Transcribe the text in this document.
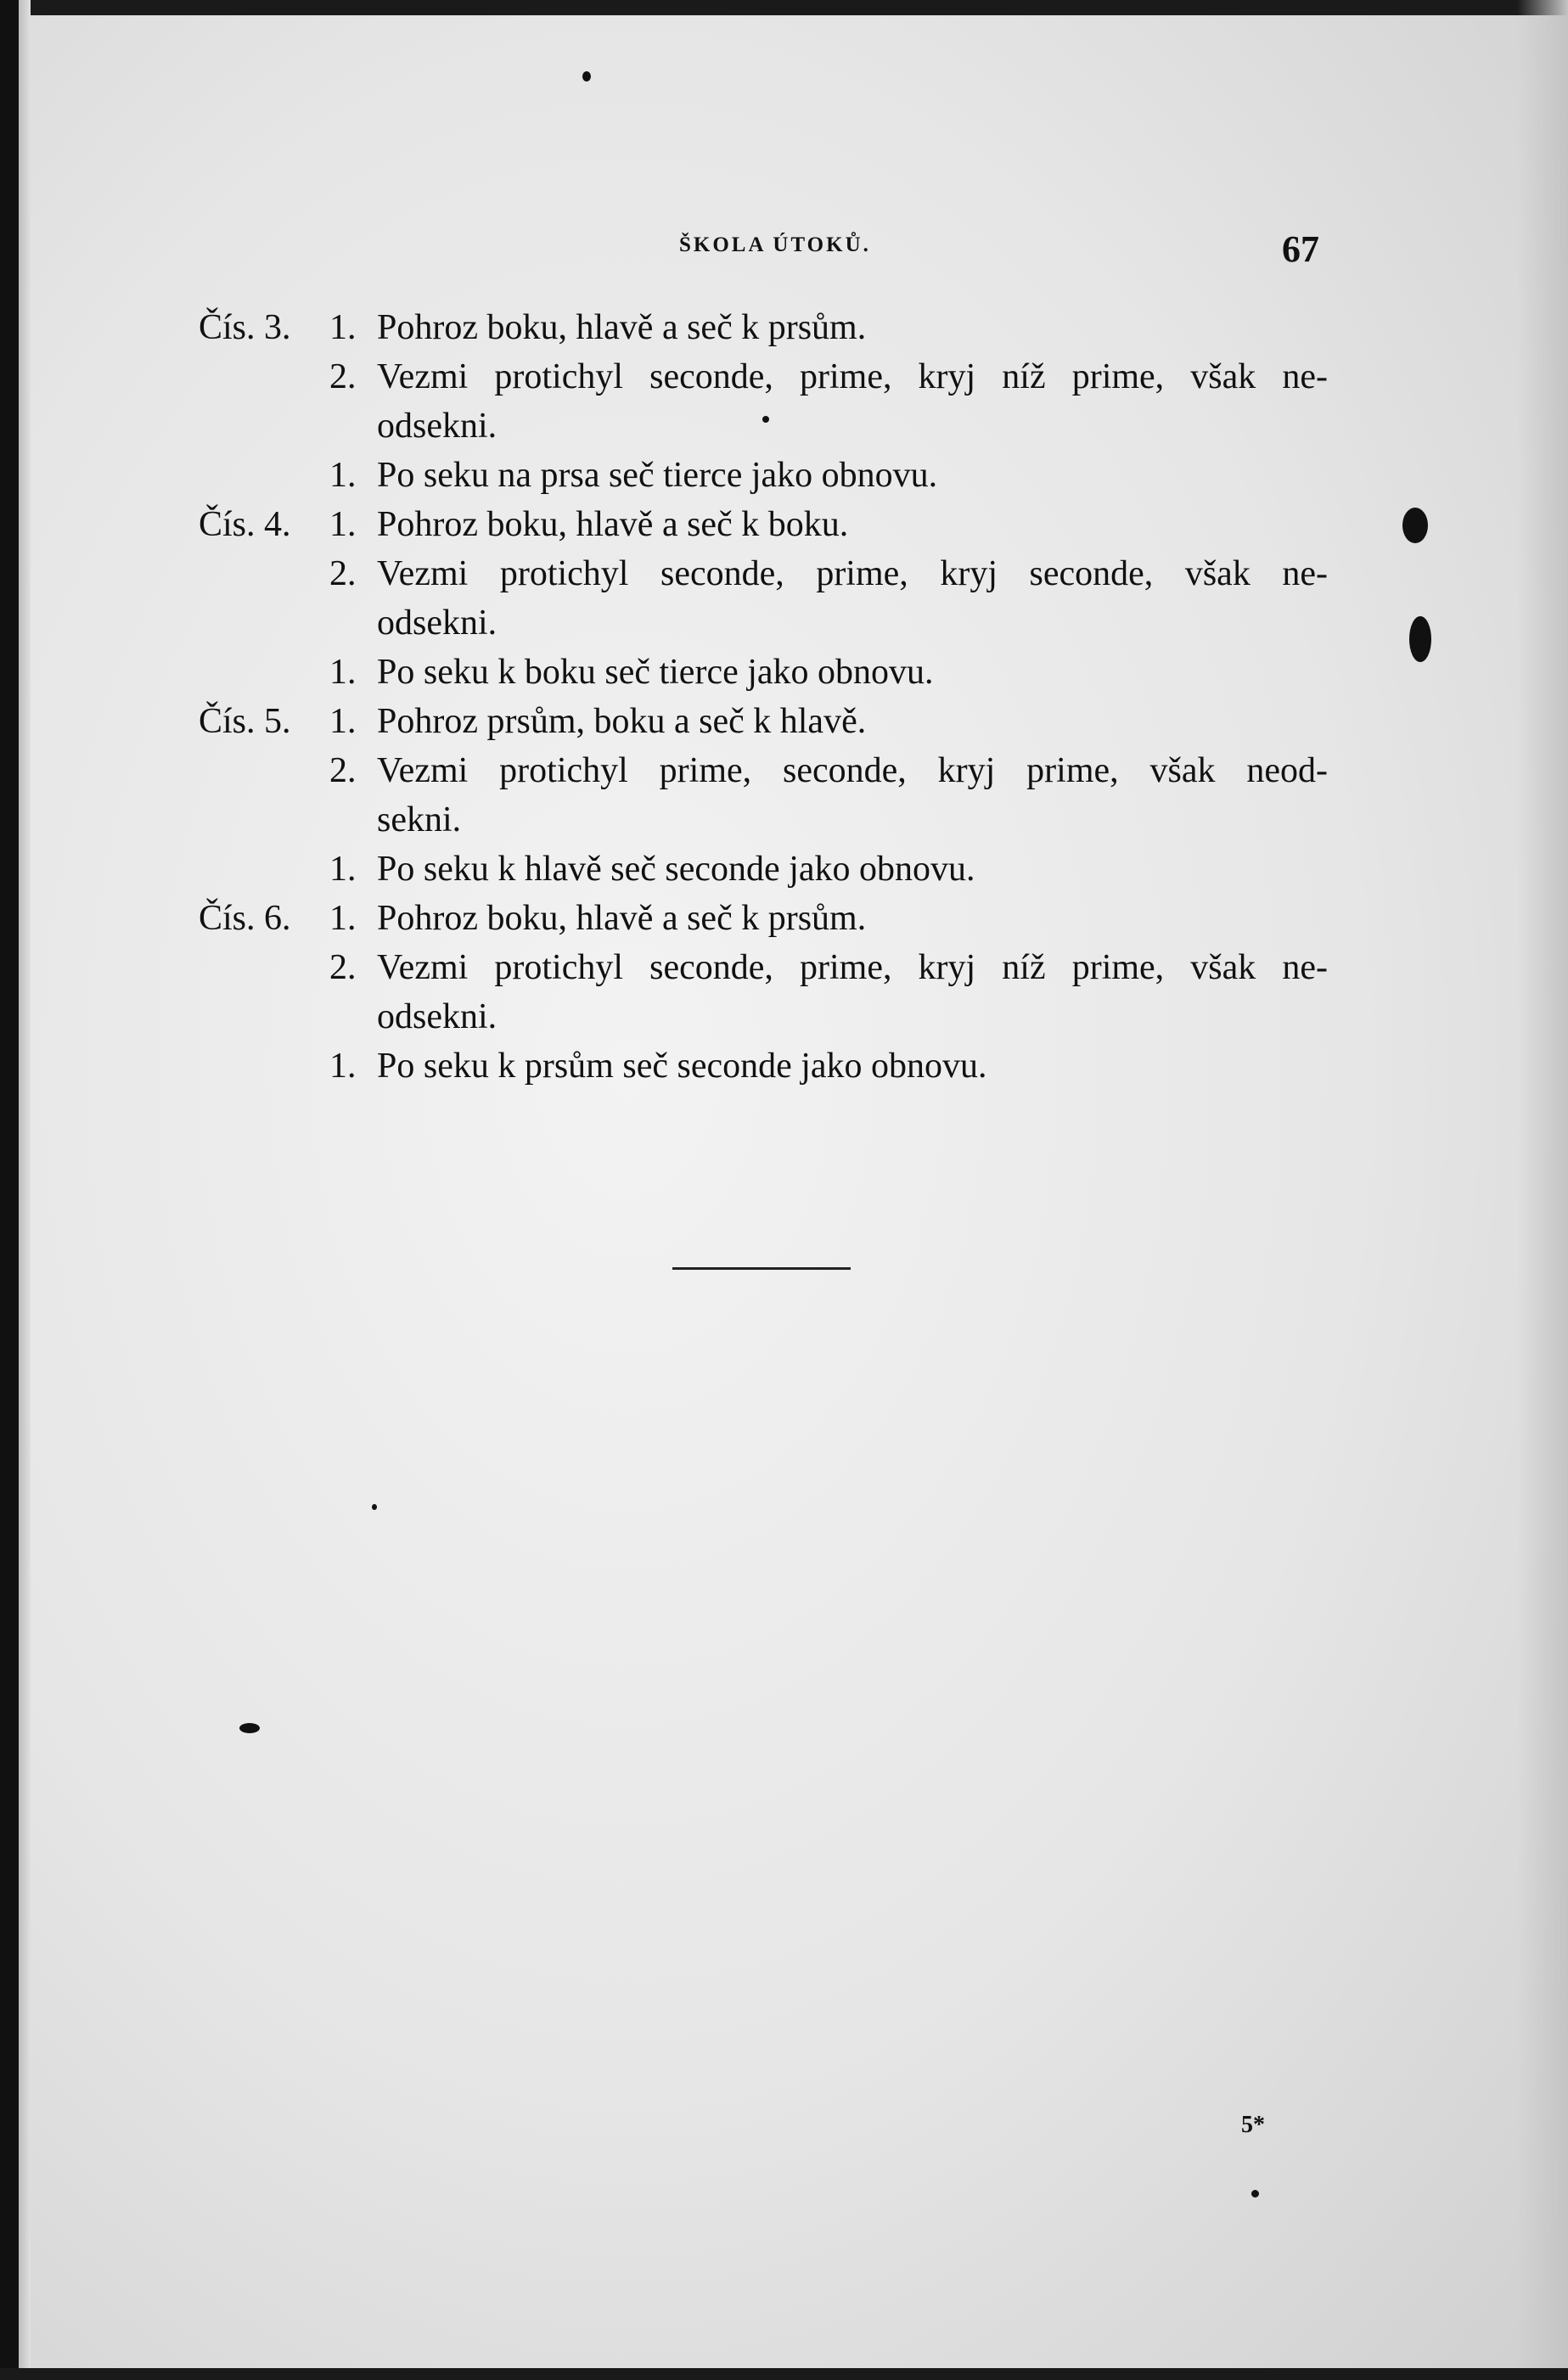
ŠKOLA ÚTOKŮ.	67
Čís. 3. 1. Pohroz boku, hlavě a seč k prsům.
2. Vezmi protichyl seconde, prime, kryj níž prime, však ne-
odsekni.
1. Po seku na prsa seč tierce jako obnovu.
Čís. 4. 1. Pohroz boku, hlavě a seč k boku.
2. Vezmi protichyl seconde, prime, kryj seconde, však ne-
odsekni.
1. Po seku k boku seč tierce jako obnovu.
Čís. 5. 1. Pohroz prsům, boku a seč k hlavě.
2. Vezmi protichyl prime, seconde, kryj prime, však neod-
sekni.
1. Po seku k hlavě seč seconde jako obnovu.
Čís. 6. 1. Pohroz boku, hlavě a seč k prsům.
2. Vezmi protichyl seconde, prime, kryj níž prime, však ne-
odsekni.
1. Po seku k prsům seč seconde jako obnovu.
5*
